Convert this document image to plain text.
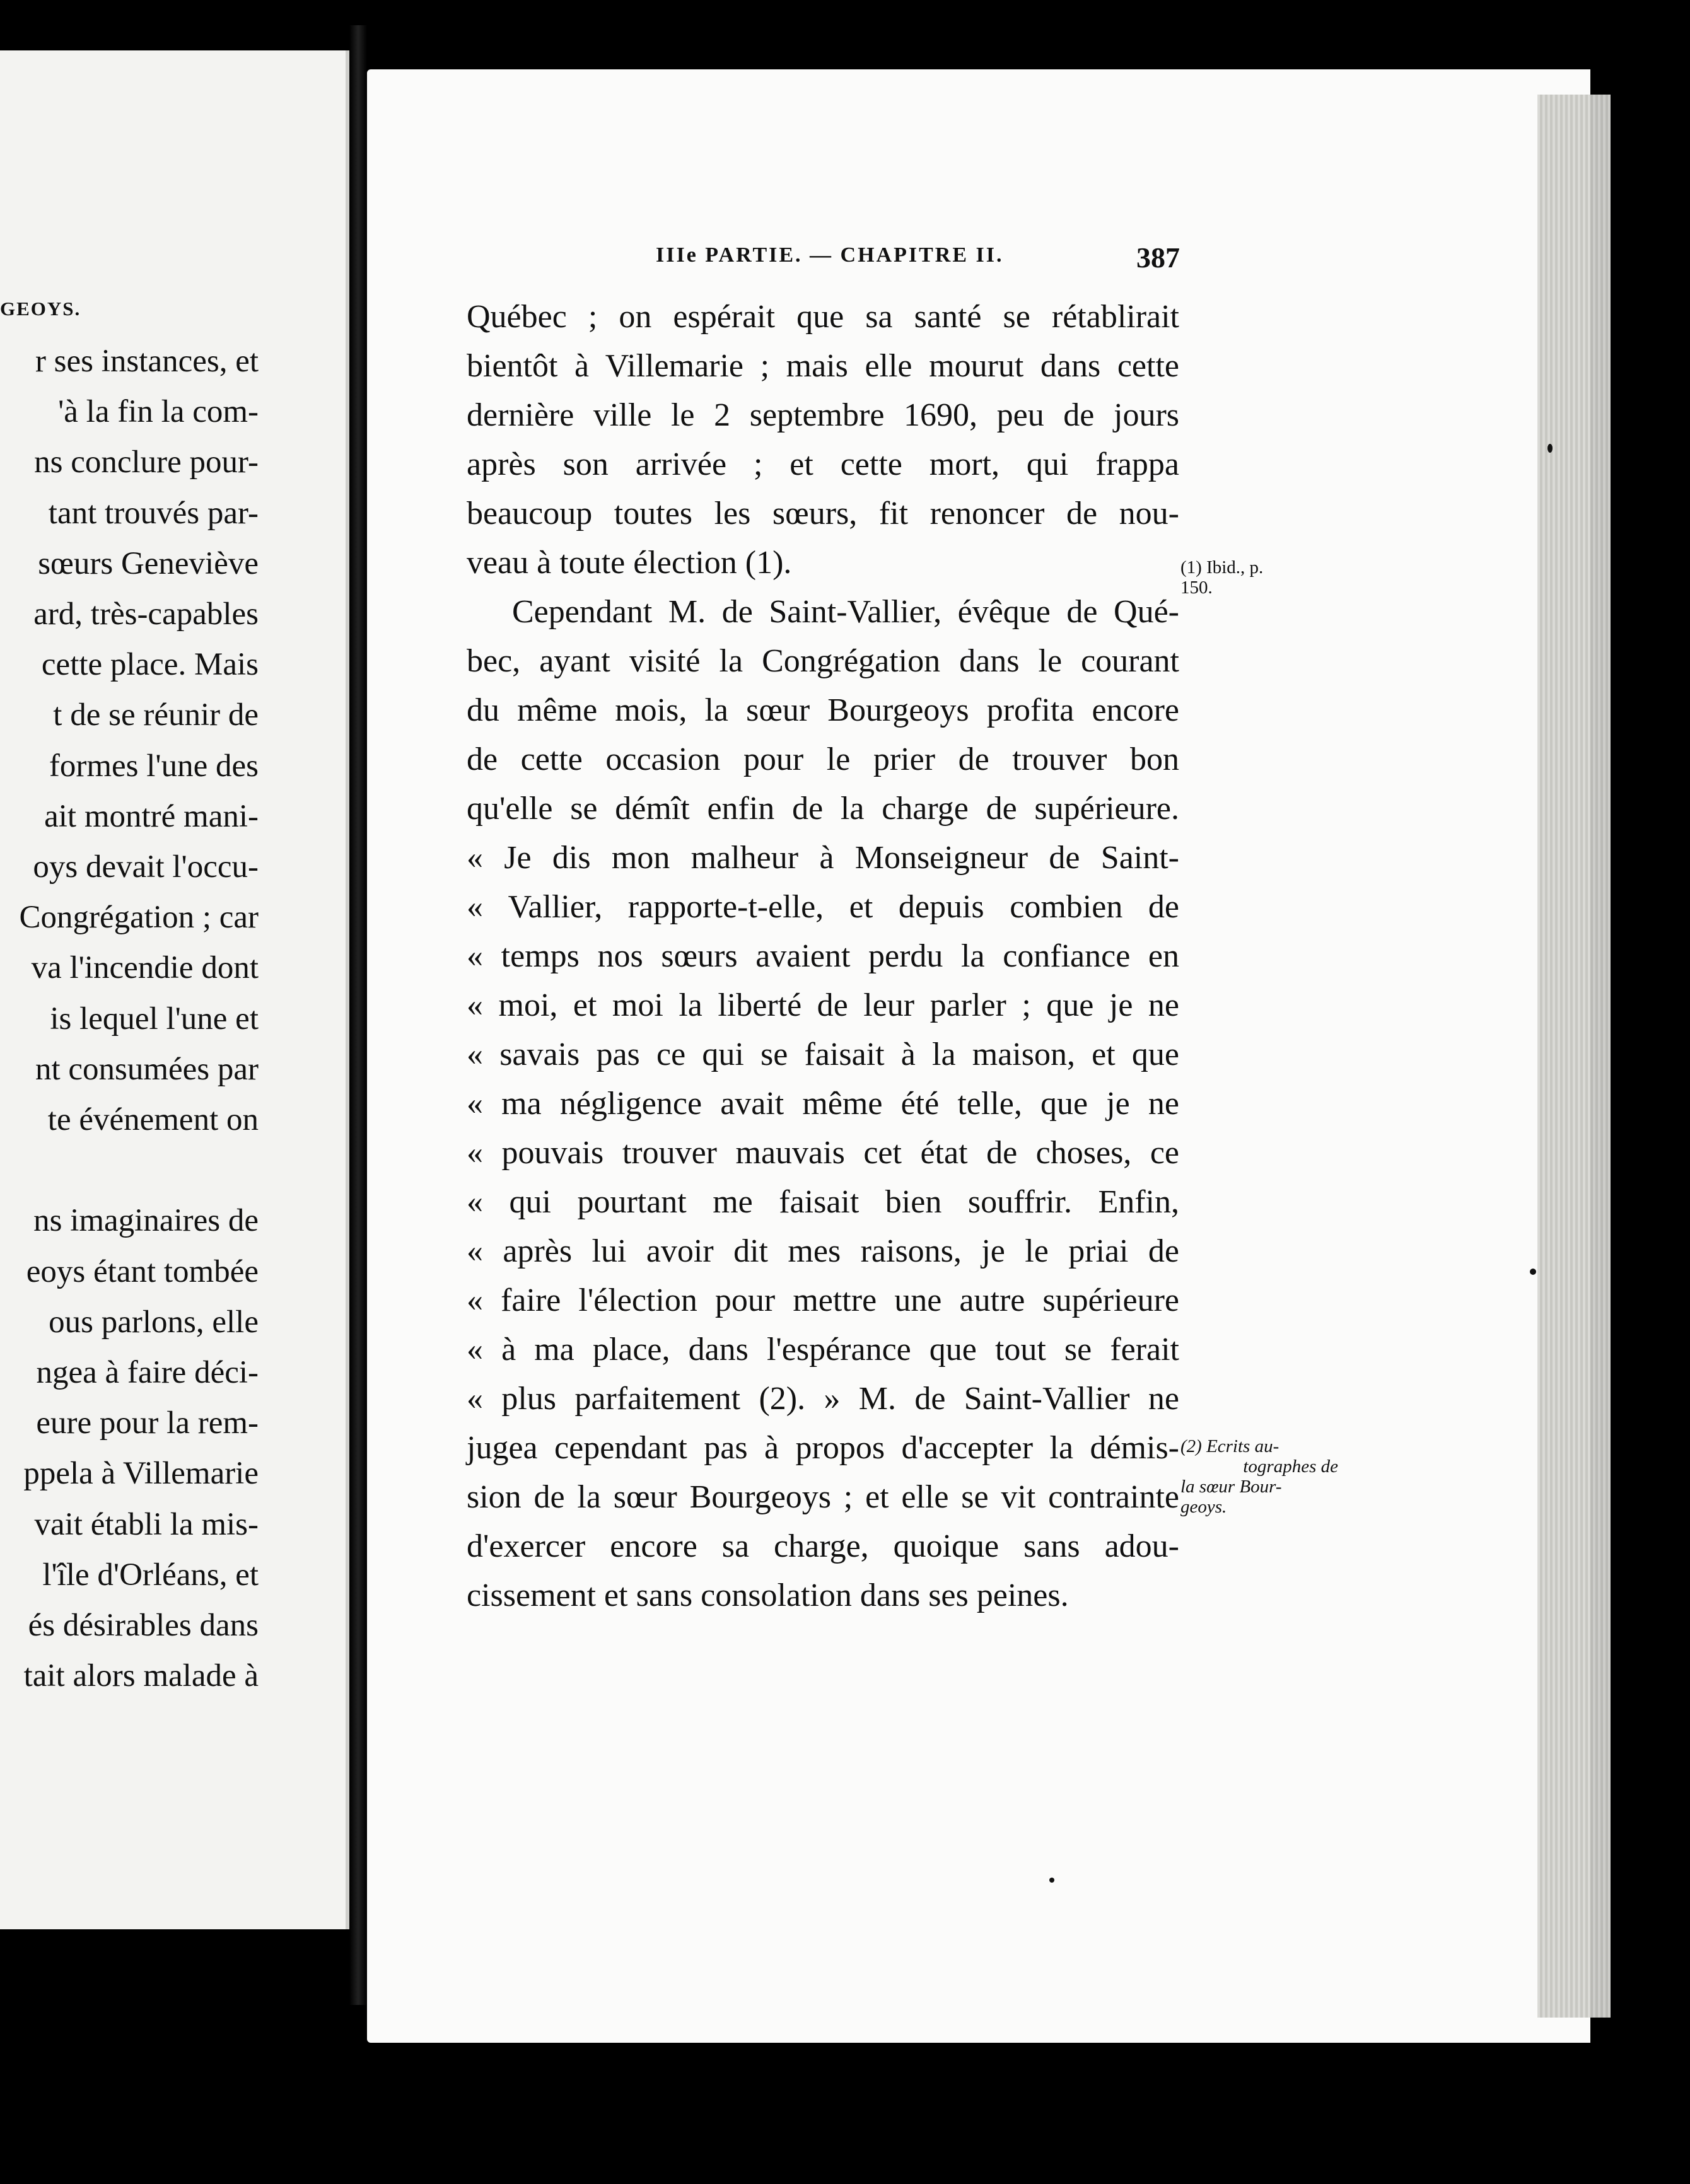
GEOYS.
r ses instances, et
'à la fin la com-
ns conclure pour-
tant trouvés par-
sœurs Geneviève
ard, très-capables
cette place. Mais
t de se réunir de
formes l'une des
ait montré mani-
oys devait l'occu-
Congrégation ; car
va l'incendie dont
is lequel l'une et
nt consumées par
te événement on
ns imaginaires de
eoys étant tombée
ous parlons, elle
ngea à faire déci-
eure pour la rem-
ppela à Villemarie
vait établi la mis-
l'île d'Orléans, et
és désirables dans
tait alors malade à
IIIe PARTIE. — CHAPITRE II.	387
Québec ; on espérait que sa santé se rétablirait
bientôt à Villemarie ; mais elle mourut dans cette
dernière ville le 2 septembre 1690, peu de jours
après son arrivée ; et cette mort, qui frappa
beaucoup toutes les sœurs, fit renoncer de nou-
veau à toute élection (1).
Cependant M. de Saint-Vallier, évêque de Qué-
bec, ayant visité la Congrégation dans le courant
du même mois, la sœur Bourgeoys profita encore
de cette occasion pour le prier de trouver bon
qu'elle se démît enfin de la charge de supérieure.
« Je dis mon malheur à Monseigneur de Saint-
« Vallier, rapporte-t-elle, et depuis combien de
« temps nos sœurs avaient perdu la confiance en
« moi, et moi la liberté de leur parler ; que je ne
« savais pas ce qui se faisait à la maison, et que
« ma négligence avait même été telle, que je ne
« pouvais trouver mauvais cet état de choses, ce
« qui pourtant me faisait bien souffrir. Enfin,
« après lui avoir dit mes raisons, je le priai de
« faire l'élection pour mettre une autre supérieure
« à ma place, dans l'espérance que tout se ferait
« plus parfaitement (2). » M. de Saint-Vallier ne
jugea cependant pas à propos d'accepter la démis-
sion de la sœur Bourgeoys ; et elle se vit contrainte
d'exercer encore sa charge, quoique sans adou-
cissement et sans consolation dans ses peines.
(1) Ibid., p.
150.
(2) Ecrits au-
tographes de
la sœur Bour-
geoys.
